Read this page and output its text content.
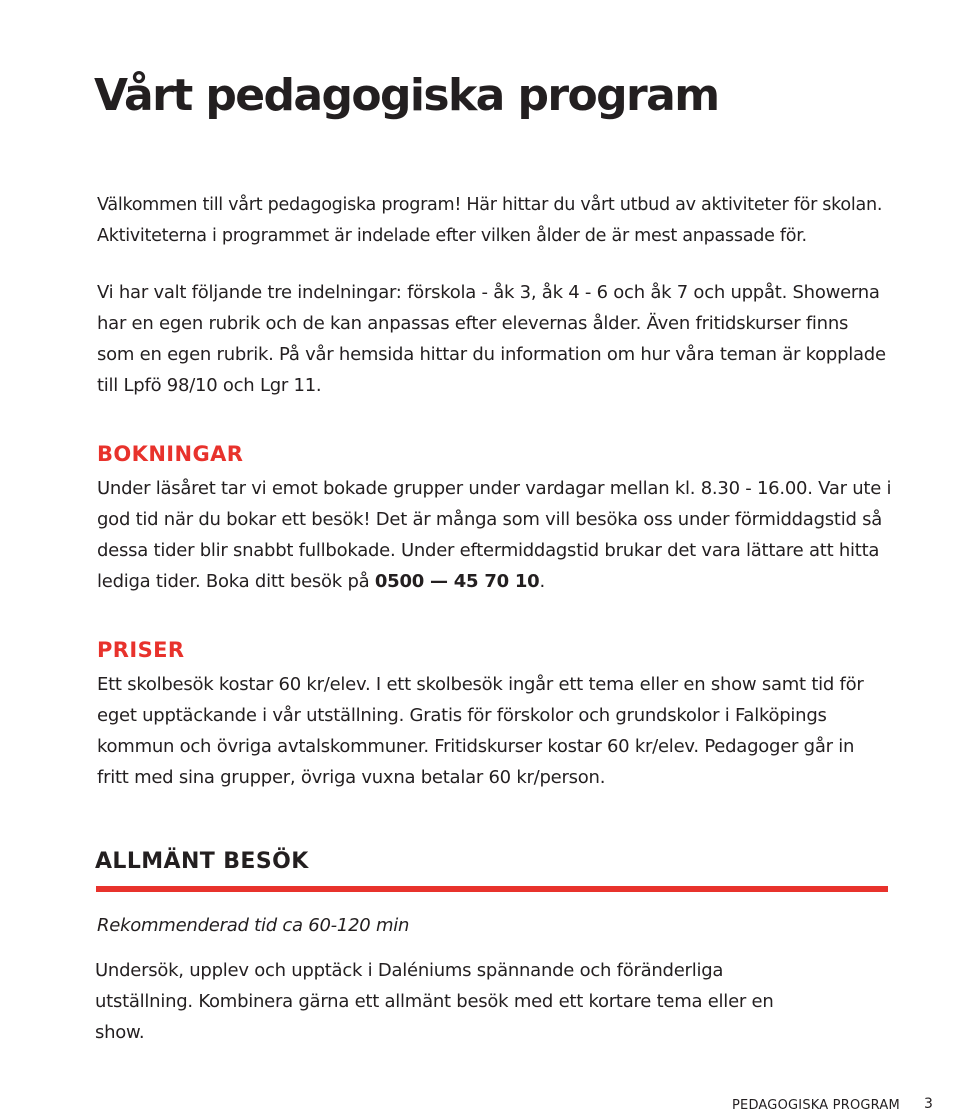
Vårt pedagogiska program

Välkommen till vårt pedagogiska program! Här hittar du vårt utbud av aktiviteter för skolan. Aktiviteterna i programmet är indelade efter vilken ålder de är mest anpassade för.

Vi har valt följande tre indelningar: förskola - åk 3, åk 4 - 6 och åk 7 och uppåt. Showerna har en egen rubrik och de kan anpassas efter elevernas ålder. Även fritidskurser finns som en egen rubrik. På vår hemsida hittar du information om hur våra teman är kopplade till Lpfö 98/10 och Lgr 11.

BOKNINGAR

Under läsåret tar vi emot bokade grupper under vardagar mellan kl. 8.30 - 16.00. Var ute i god tid när du bokar ett besök! Det är många som vill besöka oss under förmiddagstid så dessa tider blir snabbt fullbokade. Under eftermiddagstid brukar det vara lättare att hitta lediga tider. Boka ditt besök på 0500 — 45 70 10.

PRISER

Ett skolbesök kostar 60 kr/elev. I ett skolbesök ingår ett tema eller en show samt tid för eget upptäckande i vår utställning. Gratis för förskolor och grundskolor i Falköpings kommun och övriga avtalskommuner. Fritidskurser kostar 60 kr/elev. Pedagoger går in fritt med sina grupper, övriga vuxna betalar 60 kr/person.

ALLMÄNT BESÖK

Rekommenderad tid ca 60-120 min

Undersök, upplev och upptäck i Daléniums spännande och föränderliga utställning. Kombinera gärna ett allmänt besök med ett kortare tema eller en show.

PEDAGOGISKA PROGRAM 3
